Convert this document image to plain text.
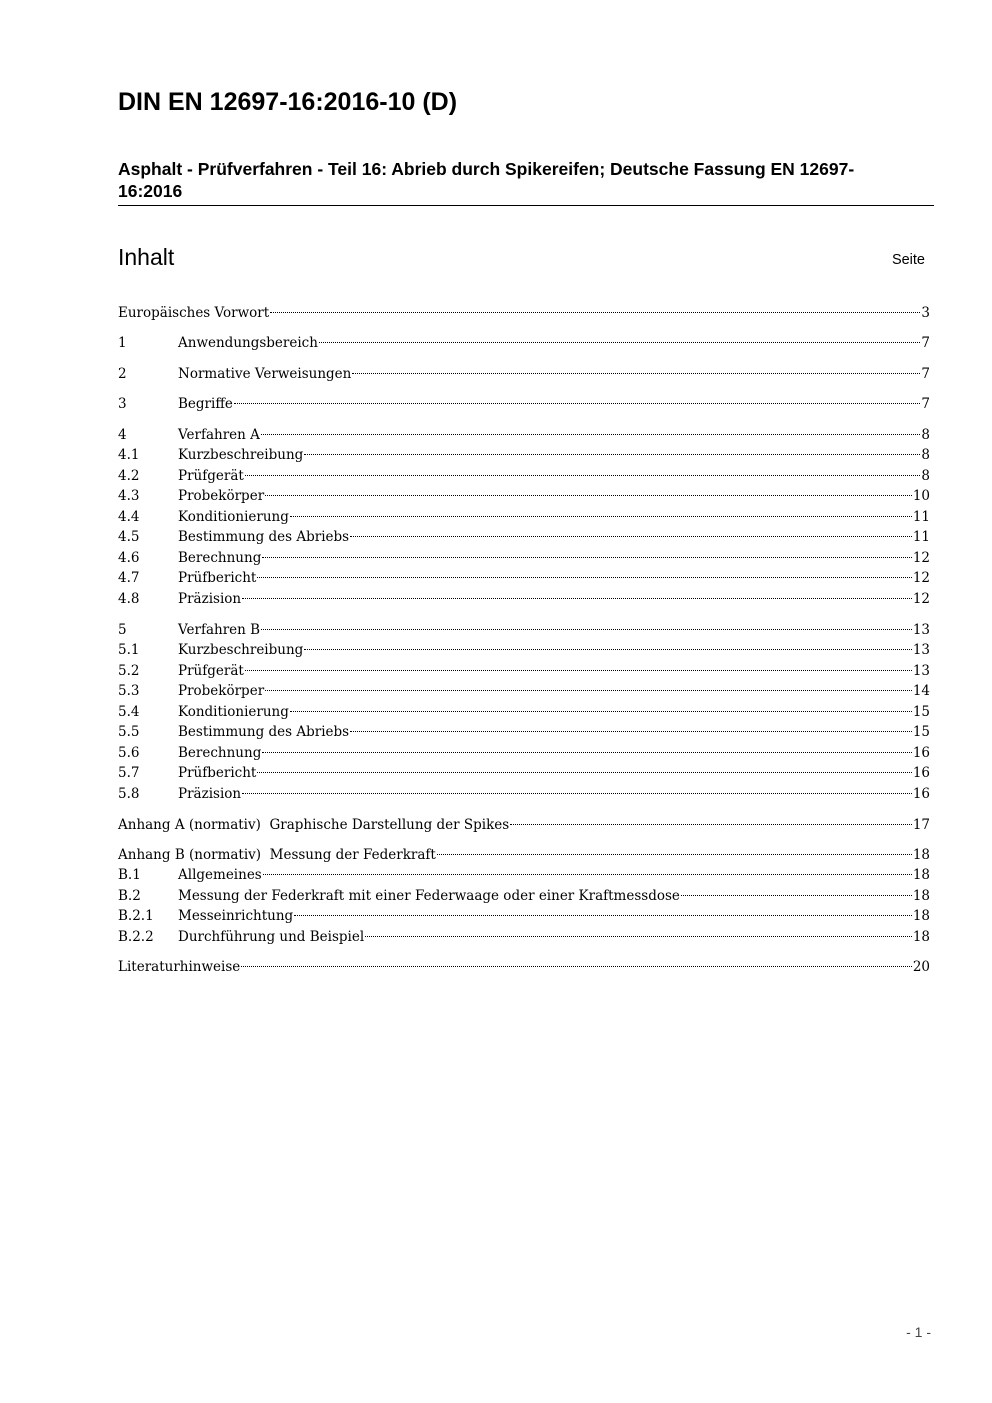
DIN EN 12697-16:2016-10 (D)
Asphalt - Prüfverfahren - Teil 16: Abrieb durch Spikereifen; Deutsche Fassung EN 12697-16:2016
Inhalt	Seite
Europäisches Vorwort	3
1	Anwendungsbereich	7
2	Normative Verweisungen	7
3	Begriffe	7
4	Verfahren A	8
4.1	Kurzbeschreibung	8
4.2	Prüfgerät	8
4.3	Probekörper	10
4.4	Konditionierung	11
4.5	Bestimmung des Abriebs	11
4.6	Berechnung	12
4.7	Prüfbericht	12
4.8	Präzision	12
5	Verfahren B	13
5.1	Kurzbeschreibung	13
5.2	Prüfgerät	13
5.3	Probekörper	14
5.4	Konditionierung	15
5.5	Bestimmung des Abriebs	15
5.6	Berechnung	16
5.7	Prüfbericht	16
5.8	Präzision	16
Anhang A (normativ)  Graphische Darstellung der Spikes	17
Anhang B (normativ)  Messung der Federkraft	18
B.1	Allgemeines	18
B.2	Messung der Federkraft mit einer Federwaage oder einer Kraftmessdose	18
B.2.1	Messeinrichtung	18
B.2.2	Durchführung und Beispiel	18
Literaturhinweise	20
- 1 -
